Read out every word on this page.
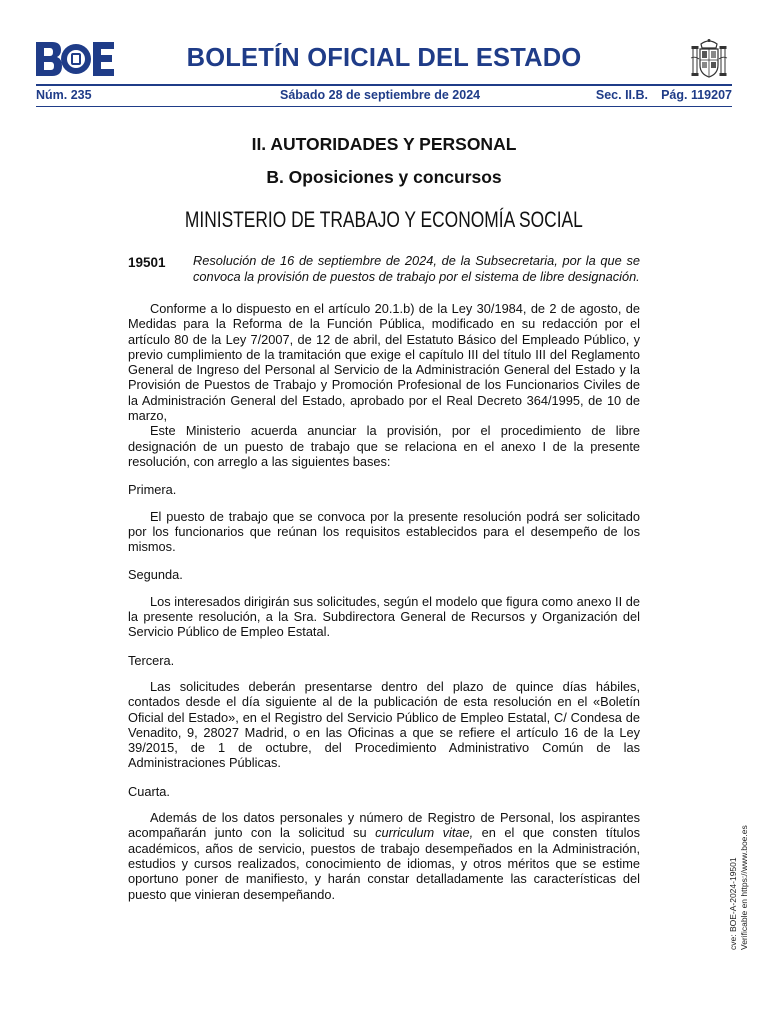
BOLETÍN OFICIAL DEL ESTADO
Núm. 235	Sábado 28 de septiembre de 2024	Sec. II.B. Pág. 119207
II. AUTORIDADES Y PERSONAL
B. Oposiciones y concursos
MINISTERIO DE TRABAJO Y ECONOMÍA SOCIAL
19501 Resolución de 16 de septiembre de 2024, de la Subsecretaria, por la que se convoca la provisión de puestos de trabajo por el sistema de libre designación.

Conforme a lo dispuesto en el artículo 20.1.b) de la Ley 30/1984, de 2 de agosto, de Medidas para la Reforma de la Función Pública, modificado en su redacción por el artículo 80 de la Ley 7/2007, de 12 de abril, del Estatuto Básico del Empleado Público, y previo cumplimiento de la tramitación que exige el capítulo III del título III del Reglamento General de Ingreso del Personal al Servicio de la Administración General del Estado y la Provisión de Puestos de Trabajo y Promoción Profesional de los Funcionarios Civiles de la Administración General del Estado, aprobado por el Real Decreto 364/1995, de 10 de marzo,

Este Ministerio acuerda anunciar la provisión, por el procedimiento de libre designación de un puesto de trabajo que se relaciona en el anexo I de la presente resolución, con arreglo a las siguientes bases:

Primera.

El puesto de trabajo que se convoca por la presente resolución podrá ser solicitado por los funcionarios que reúnan los requisitos establecidos para el desempeño de los mismos.

Segunda.

Los interesados dirigirán sus solicitudes, según el modelo que figura como anexo II de la presente resolución, a la Sra. Subdirectora General de Recursos y Organización del Servicio Público de Empleo Estatal.

Tercera.

Las solicitudes deberán presentarse dentro del plazo de quince días hábiles, contados desde el día siguiente al de la publicación de esta resolución en el «Boletín Oficial del Estado», en el Registro del Servicio Público de Empleo Estatal, C/ Condesa de Venadito, 9, 28027 Madrid, o en las Oficinas a que se refiere el artículo 16 de la Ley 39/2015, de 1 de octubre, del Procedimiento Administrativo Común de las Administraciones Públicas.

Cuarta.

Además de los datos personales y número de Registro de Personal, los aspirantes acompañarán junto con la solicitud su curriculum vitae, en el que consten títulos académicos, años de servicio, puestos de trabajo desempeñados en la Administración, estudios y cursos realizados, conocimiento de idiomas, y otros méritos que se estime oportuno poner de manifiesto, y harán constar detalladamente las características del puesto que vinieran desempeñando.	cve: BOE-A-2024-19501 Verificable en https://www.boe.es
